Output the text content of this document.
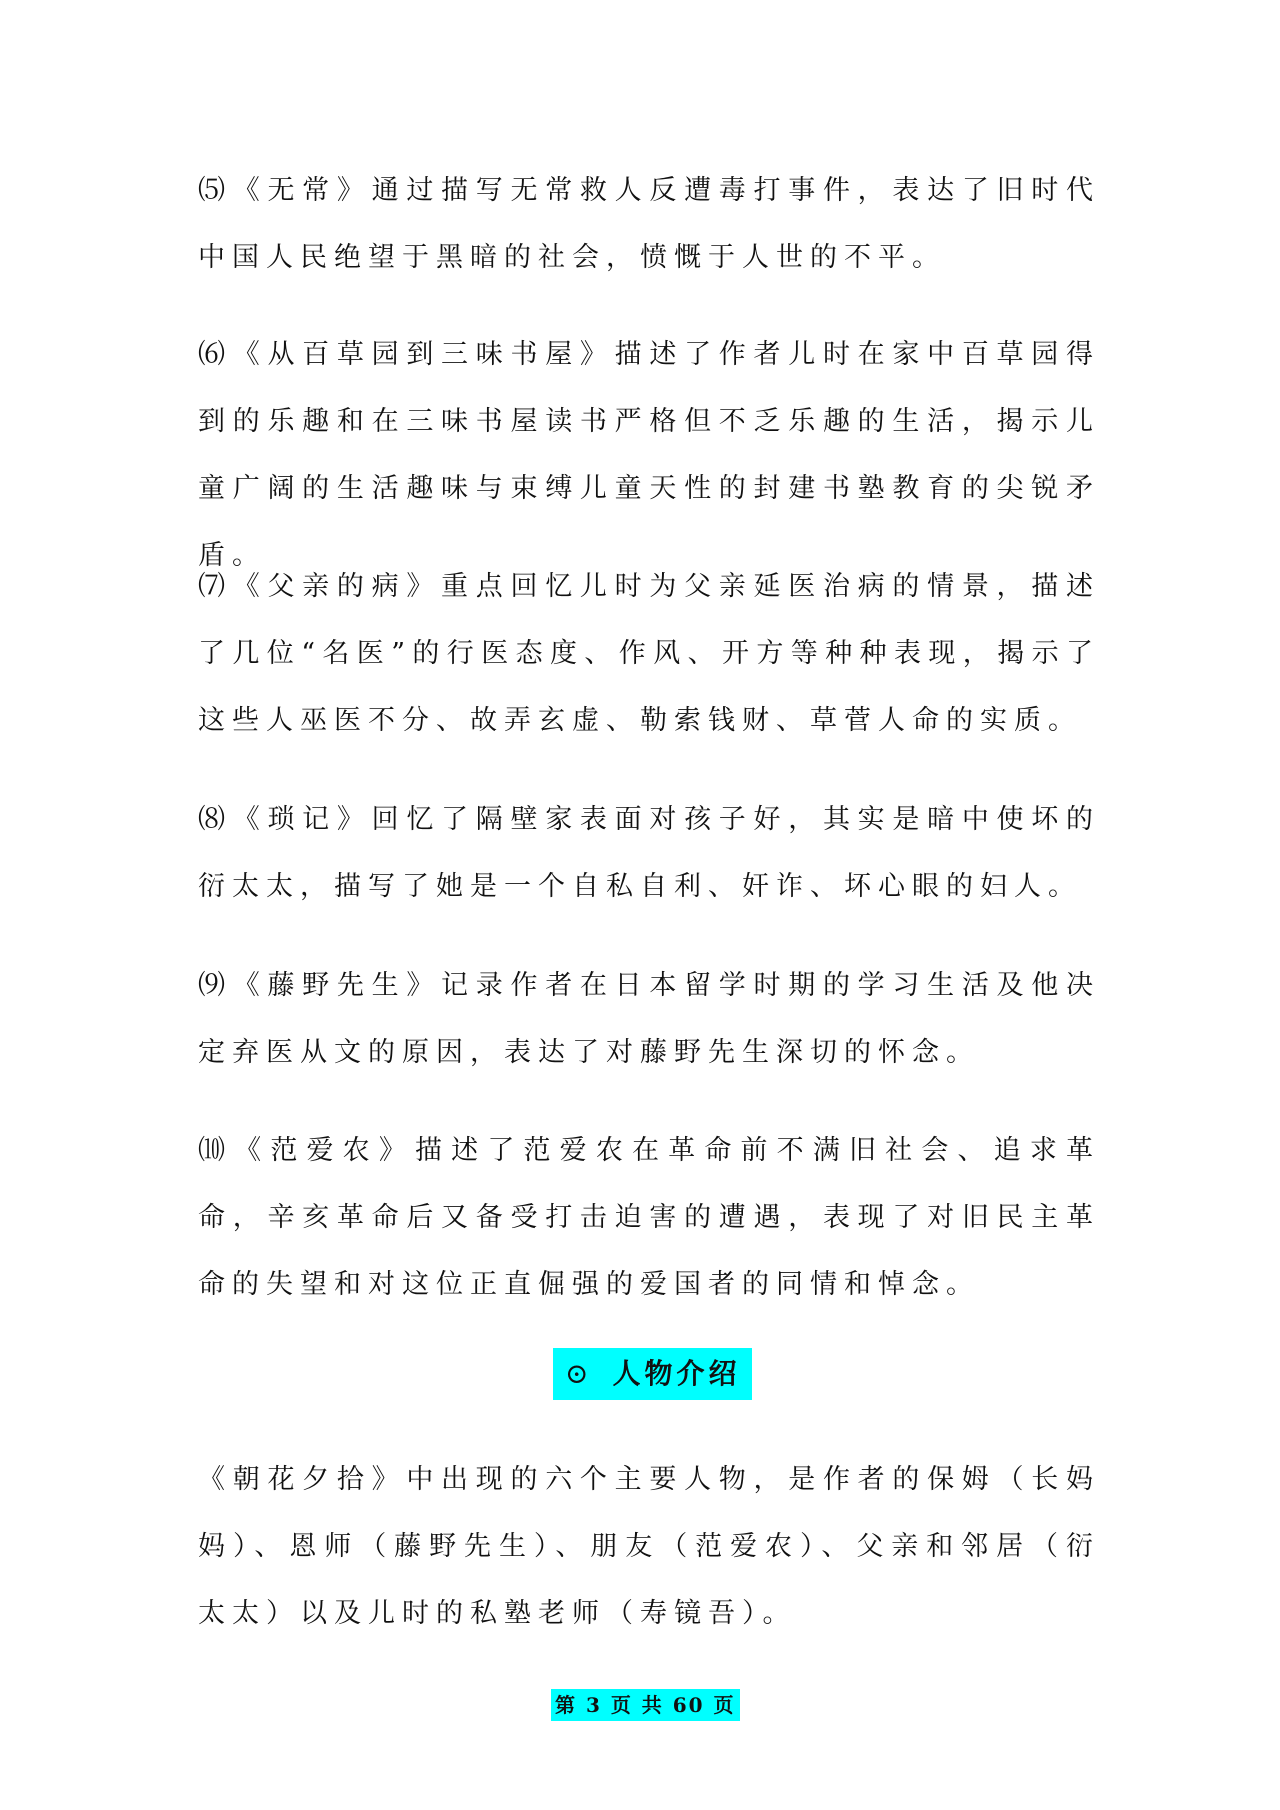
⑸《无常》通过描写无常救人反遭毒打事件，表达了旧时代中国人民绝望于黑暗的社会，愤慨于人世的不平。

⑹《从百草园到三味书屋》描述了作者儿时在家中百草园得到的乐趣和在三味书屋读书严格但不乏乐趣的生活，揭示儿童广阔的生活趣味与束缚儿童天性的封建书塾教育的尖锐矛盾。

⑺《父亲的病》重点回忆儿时为父亲延医治病的情景，描述了几位“名医”的行医态度、作风、开方等种种表现，揭示了这些人巫医不分、故弄玄虚、勒索钱财、草菅人命的实质。

⑻《琐记》回忆了隔壁家表面对孩子好，其实是暗中使坏的衍太太，描写了她是一个自私自利、奸诈、坏心眼的妇人。

⑼《藤野先生》记录作者在日本留学时期的学习生活及他决定弃医从文的原因，表达了对藤野先生深切的怀念。

⑽《范爱农》描述了范爱农在革命前不满旧社会、追求革命，辛亥革命后又备受打击迫害的遭遇，表现了对旧民主革命的失望和对这位正直倔强的爱国者的同情和悼念。

⊙ 人物介绍

《朝花夕拾》中出现的六个主要人物，是作者的保姆（长妈妈）、恩师（藤野先生）、朋友（范爱农）、父亲和邻居（衍太太）以及儿时的私塾老师（寿镜吾）。

第 3 页 共 60 页
